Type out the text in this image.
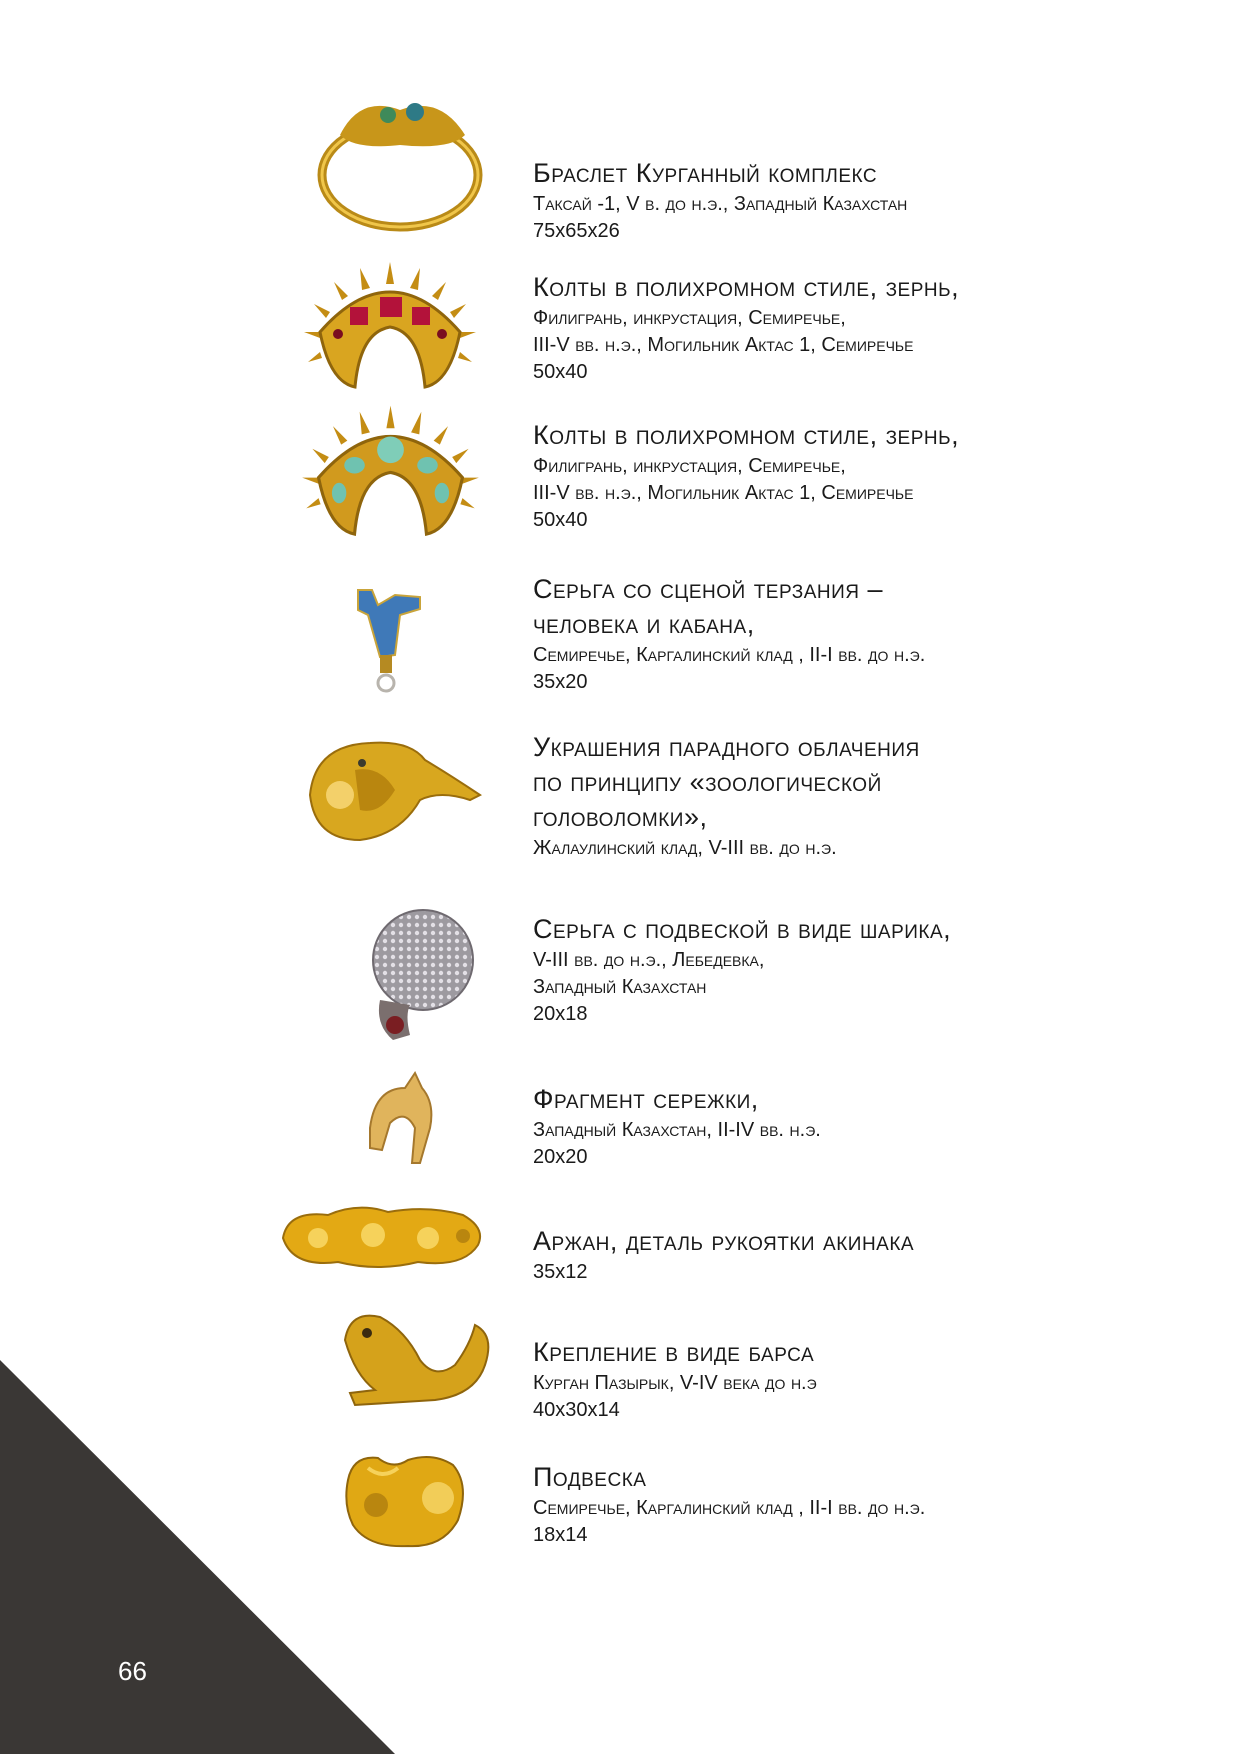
66
Браслет Курганный комплекс
Таксай -1, V в. до н.э., Западный Казахстан
75х65х26
Колты в полихромном стиле, зернь,
Филигрань, инкрустация, Семиречье,
III-V вв. н.э., Могильник Актас 1, Семиречье
50х40
Колты в полихромном стиле, зернь,
Филигрань, инкрустация, Семиречье,
III-V вв. н.э., Могильник Актас 1, Семиречье
50х40
Серьга со сценой терзания –
человека и кабана,
Семиречье, Каргалинский клад , II-I вв. до н.э.
35х20
Украшения парадного облачения
по принципу «зоологической
головоломки»,
Жалаулинский клад, V-III вв. до н.э.
Серьга с подвеской в виде шарика,
V-III вв. до н.э., Лебедевка,
Западный Казахстан
20х18
Фрагмент сережки,
Западный Казахстан, II-IV вв. н.э.
20х20
Аржан, деталь рукоятки акинака
35х12
Крепление в виде барса
Курган Пазырык, V-IV века до н.э
40х30х14
Подвеска
Семиречье, Каргалинский клад , II-I вв. до н.э.
18х14
